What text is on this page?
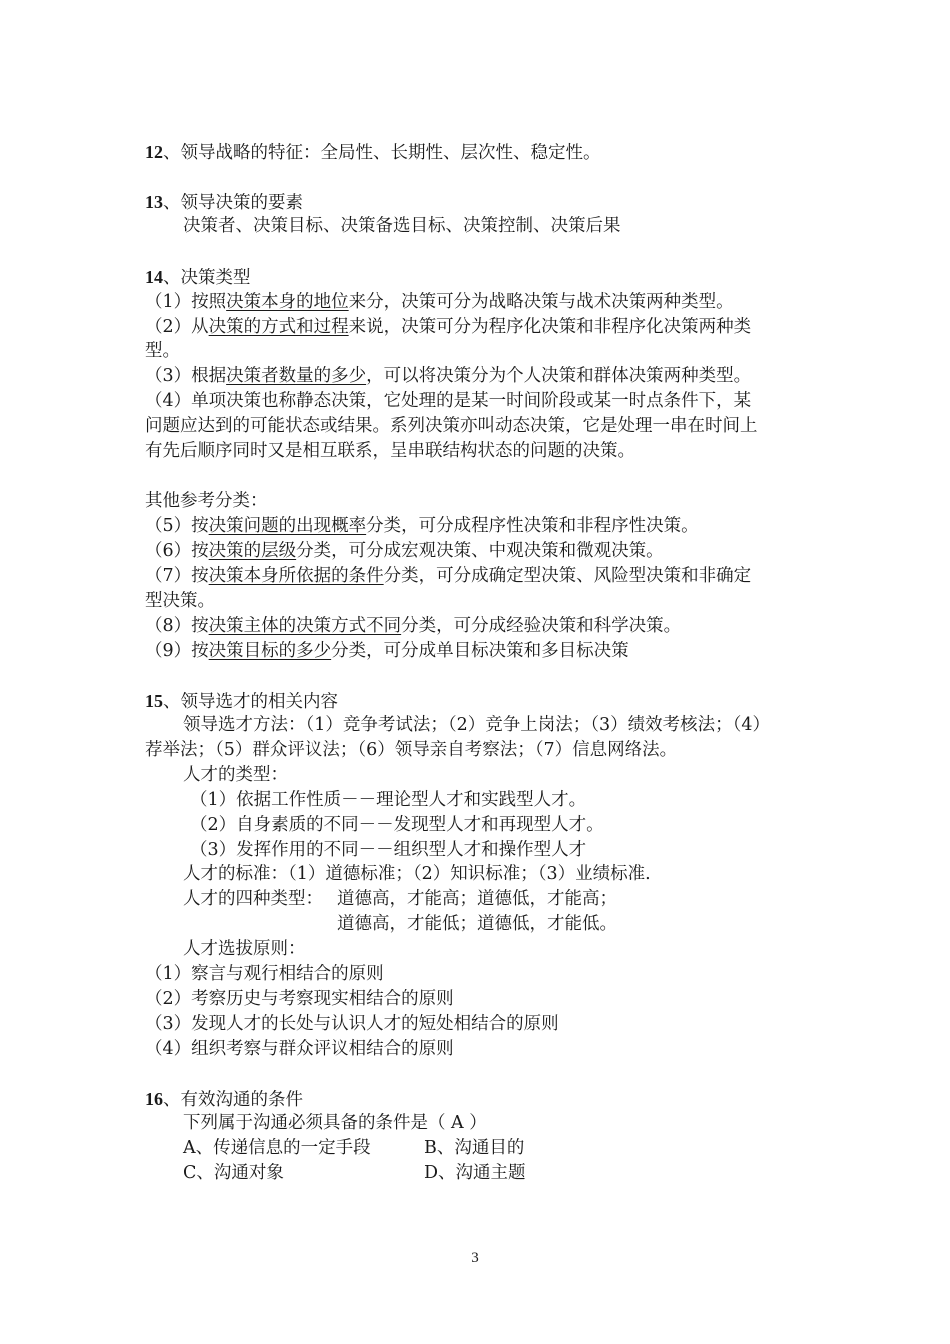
12、领导战略的特征：全局性、长期性、层次性、稳定性。
13、领导决策的要素
决策者、决策目标、决策备选目标、决策控制、决策后果
14、决策类型
（1）按照决策本身的地位来分，决策可分为战略决策与战术决策两种类型。
（2）从决策的方式和过程来说，决策可分为程序化决策和非程序化决策两种类
型。
（3）根据决策者数量的多少，可以将决策分为个人决策和群体决策两种类型。
（4）单项决策也称静态决策，它处理的是某一时间阶段或某一时点条件下，某
问题应达到的可能状态或结果。系列决策亦叫动态决策，它是处理一串在时间上
有先后顺序同时又是相互联系，呈串联结构状态的问题的决策。
其他参考分类：
（5）按决策问题的出现概率分类，可分成程序性决策和非程序性决策。
（6）按决策的层级分类，可分成宏观决策、中观决策和微观决策。
（7）按决策本身所依据的条件分类，可分成确定型决策、风险型决策和非确定
型决策。
（8）按决策主体的决策方式不同分类，可分成经验决策和科学决策。
（9）按决策目标的多少分类，可分成单目标决策和多目标决策
15、领导选才的相关内容
领导选才方法：（1）竞争考试法；（2）竞争上岗法；（3）绩效考核法；（4）
荐举法；（5）群众评议法；（6）领导亲自考察法；（7）信息网络法。
人才的类型：
（1）依据工作性质－－理论型人才和实践型人才。
（2）自身素质的不同－－发现型人才和再现型人才。
（3）发挥作用的不同－－组织型人才和操作型人才
人才的标准：（1）道德标准；（2）知识标准；（3）业绩标准.
人才的四种类型： 道德高，才能高；道德低，才能高；
道德高，才能低；道德低，才能低。
人才选拔原则：
（1）察言与观行相结合的原则
（2）考察历史与考察现实相结合的原则
（3）发现人才的长处与认识人才的短处相结合的原则
（4）组织考察与群众评议相结合的原则
16、有效沟通的条件
下列属于沟通必须具备的条件是（ A ）
A、传递信息的一定手段	B、沟通目的
C、沟通对象	D、沟通主题
3
